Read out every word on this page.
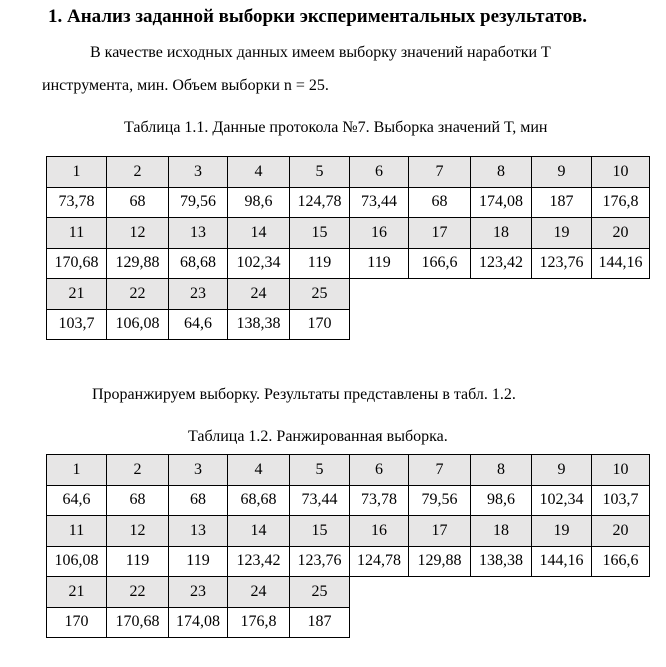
1. Анализ заданной выборки экспериментальных результатов.
В качестве исходных данных имеем выборку значений наработки Т
инструмента, мин. Объем выборки n = 25.
Таблица 1.1. Данные протокола №7. Выборка значений Т, мин
1	2	3	4	5	6	7	8	9	10
73,78	68	79,56	98,6	124,78	73,44	68	174,08	187	176,8
11	12	13	14	15	16	17	18	19	20
170,68	129,88	68,68	102,34	119	119	166,6	123,42	123,76	144,16
21	22	23	24	25					
103,7	106,08	64,6	138,38	170					
Проранжируем выборку. Результаты представлены в табл. 1.2.
Таблица 1.2. Ранжированная выборка.
1	2	3	4	5	6	7	8	9	10
64,6	68	68	68,68	73,44	73,78	79,56	98,6	102,34	103,7
11	12	13	14	15	16	17	18	19	20
106,08	119	119	123,42	123,76	124,78	129,88	138,38	144,16	166,6
21	22	23	24	25					
170	170,68	174,08	176,8	187					
